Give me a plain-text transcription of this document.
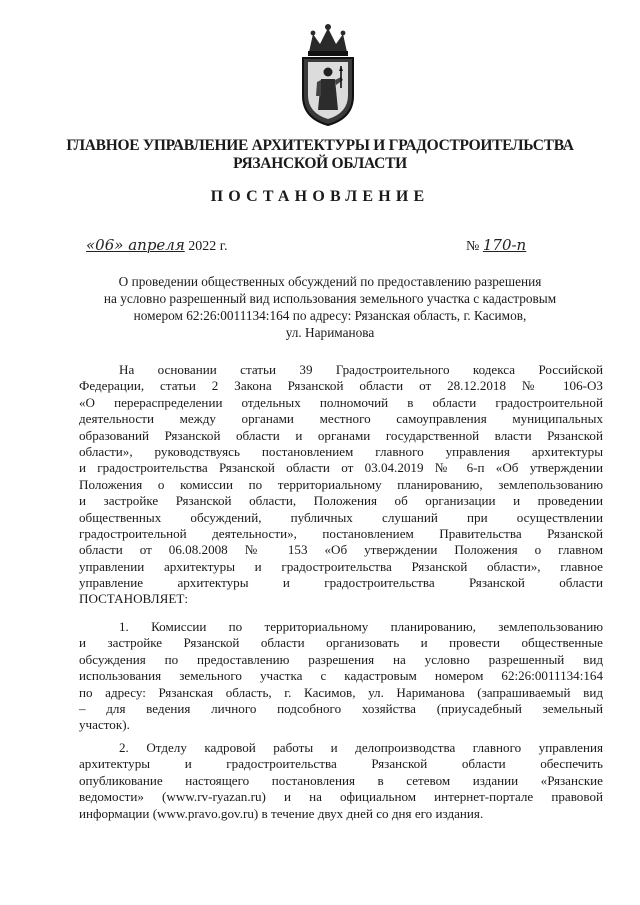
ГЛАВНОЕ УПРАВЛЕНИЕ АРХИТЕКТУРЫ И ГРАДОСТРОИТЕЛЬСТВА
РЯЗАНСКОЙ ОБЛАСТИ
ПОСТАНОВЛЕНИЕ
«06» апреля 2022 г.	№ 170-п
О проведении общественных обсуждений по предоставлению разрешения
на условно разрешенный вид использования земельного участка с кадастровым
номером 62:26:0011134:164 по адресу: Рязанская область, г. Касимов,
ул. Нариманова
На основании статьи 39 Градостроительного кодекса Российской
Федерации, статьи 2 Закона Рязанской области от 28.12.2018 № 106-ОЗ
«О перераспределении отдельных полномочий в области градостроительной
деятельности между органами местного самоуправления муниципальных
образований Рязанской области и органами государственной власти Рязанской
области», руководствуясь постановлением главного управления архитектуры
и градостроительства Рязанской области от 03.04.2019 № 6-п «Об утверждении
Положения о комиссии по территориальному планированию, землепользованию
и застройке Рязанской области, Положения об организации и проведении
общественных обсуждений, публичных слушаний при осуществлении
градостроительной деятельности», постановлением Правительства Рязанской
области от 06.08.2008 № 153 «Об утверждении Положения о главном
управлении архитектуры и градостроительства Рязанской области», главное
управление архитектуры и градостроительства Рязанской области
ПОСТАНОВЛЯЕТ:
1. Комиссии по территориальному планированию, землепользованию
и застройке Рязанской области организовать и провести общественные
обсуждения по предоставлению разрешения на условно разрешенный вид
использования земельного участка с кадастровым номером 62:26:0011134:164
по адресу: Рязанская область, г. Касимов, ул. Нариманова (запрашиваемый вид
– для ведения личного подсобного хозяйства (приусадебный земельный
участок).
2. Отделу кадровой работы и делопроизводства главного управления
архитектуры и градостроительства Рязанской области обеспечить
опубликование настоящего постановления в сетевом издании «Рязанские
ведомости» (www.rv-ryazan.ru) и на официальном интернет-портале правовой
информации (www.pravo.gov.ru) в течение двух дней со дня его издания.
